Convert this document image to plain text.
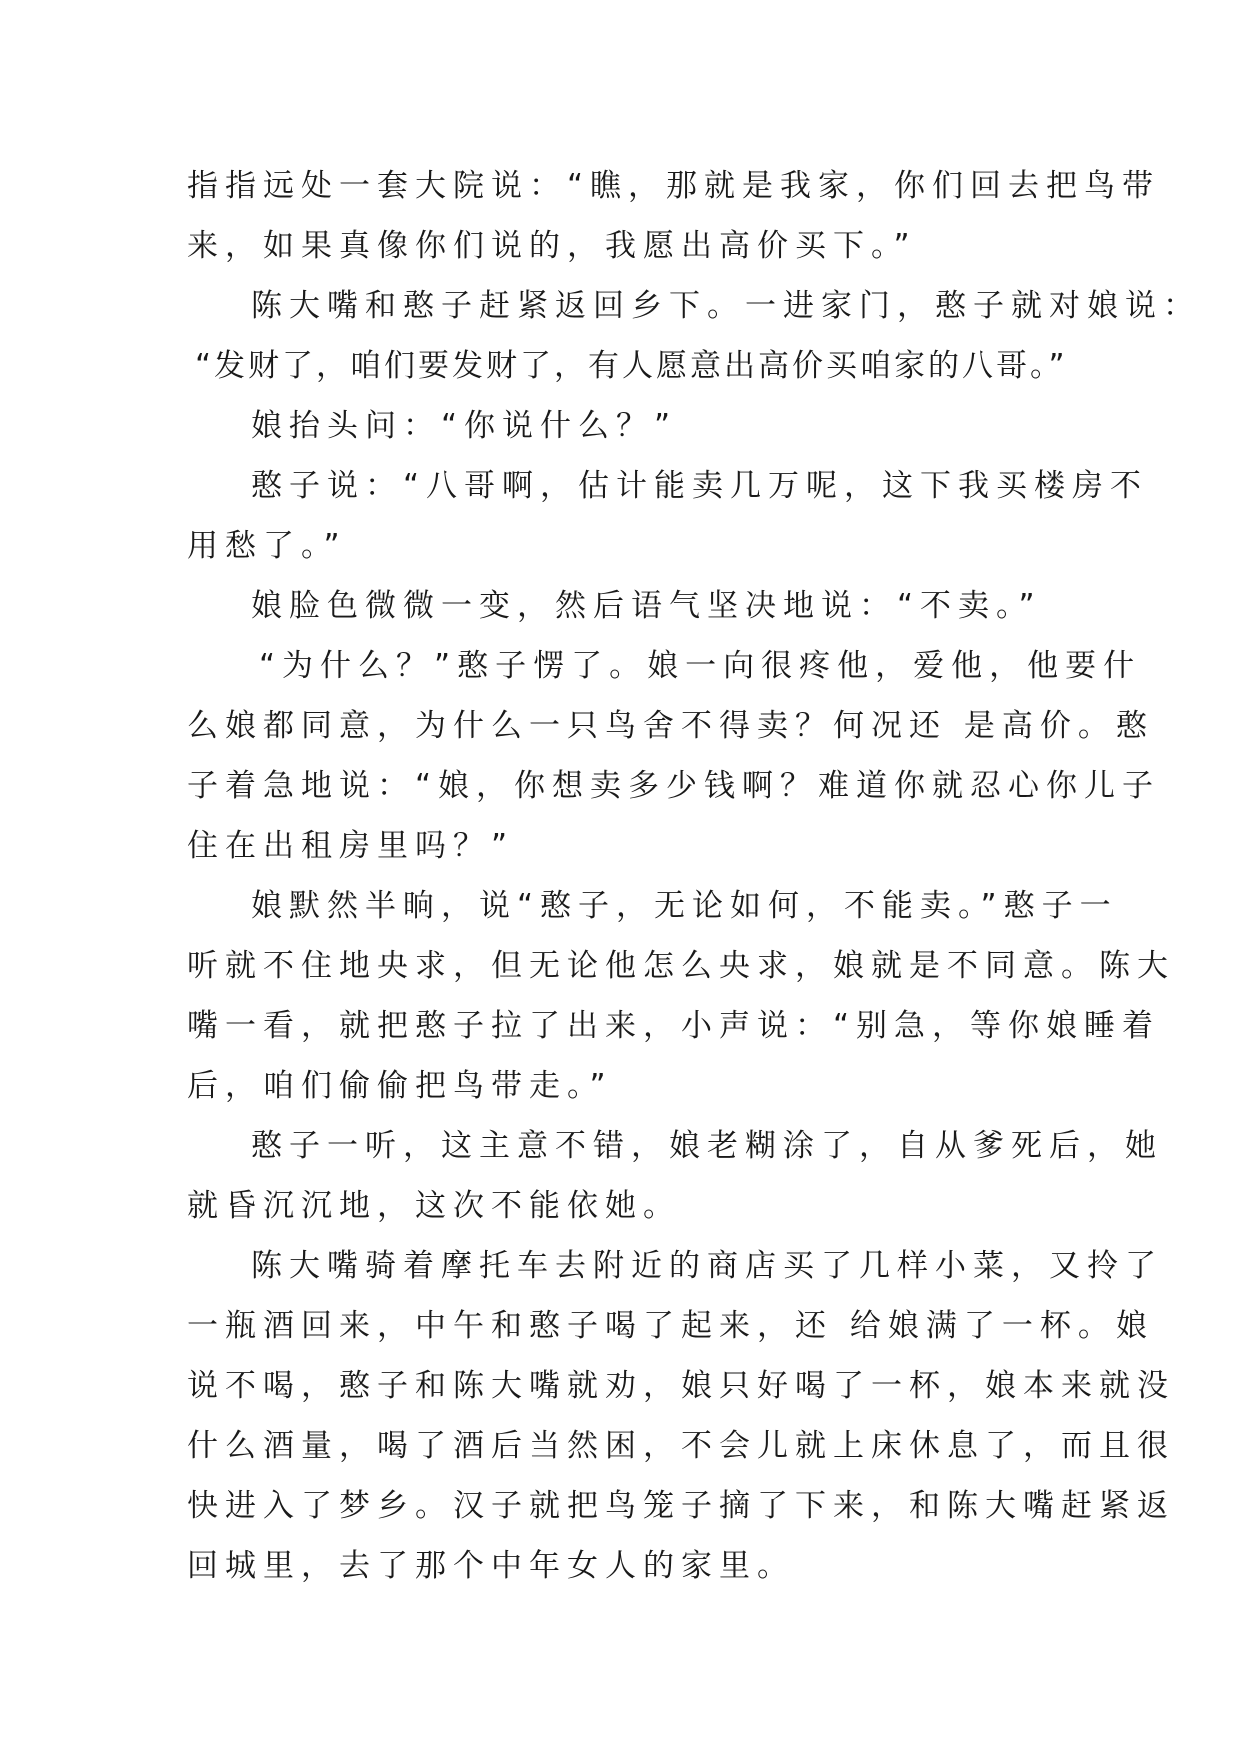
指指远处一套大院说：“瞧，那就是我家，你们回去把鸟带
来，如果真像你们说的，我愿出高价买下。”
陈大嘴和憨子赶紧返回乡下。一进家门，憨子就对娘说：
“发财了，咱们要发财了，有人愿意出高价买咱家的八哥。”
娘抬头问：“你说什么？”
憨子说：“八哥啊，估计能卖几万呢，这下我买楼房不
用愁了。”
娘脸色微微一变，然后语气坚决地说：“不卖。”
“为什么？”憨子愣了。娘一向很疼他，爱他，他要什
么娘都同意，为什么一只鸟舍不得卖？何况还 是高价。憨
子着急地说：“娘，你想卖多少钱啊？难道你就忍心你儿子
住在出租房里吗？”
娘默然半晌，说“憨子，无论如何，不能卖。”憨子一
听就不住地央求，但无论他怎么央求，娘就是不同意。陈大
嘴一看，就把憨子拉了出来，小声说：“别急，等你娘睡着
后，咱们偷偷把鸟带走。”
憨子一听，这主意不错，娘老糊涂了，自从爹死后，她
就昏沉沉地，这次不能依她。
陈大嘴骑着摩托车去附近的商店买了几样小菜，又拎了
一瓶酒回来，中午和憨子喝了起来，还 给娘满了一杯。娘
说不喝，憨子和陈大嘴就劝，娘只好喝了一杯，娘本来就没
什么酒量，喝了酒后当然困，不会儿就上床休息了，而且很
快进入了梦乡。汉子就把鸟笼子摘了下来，和陈大嘴赶紧返
回城里，去了那个中年女人的家里。
